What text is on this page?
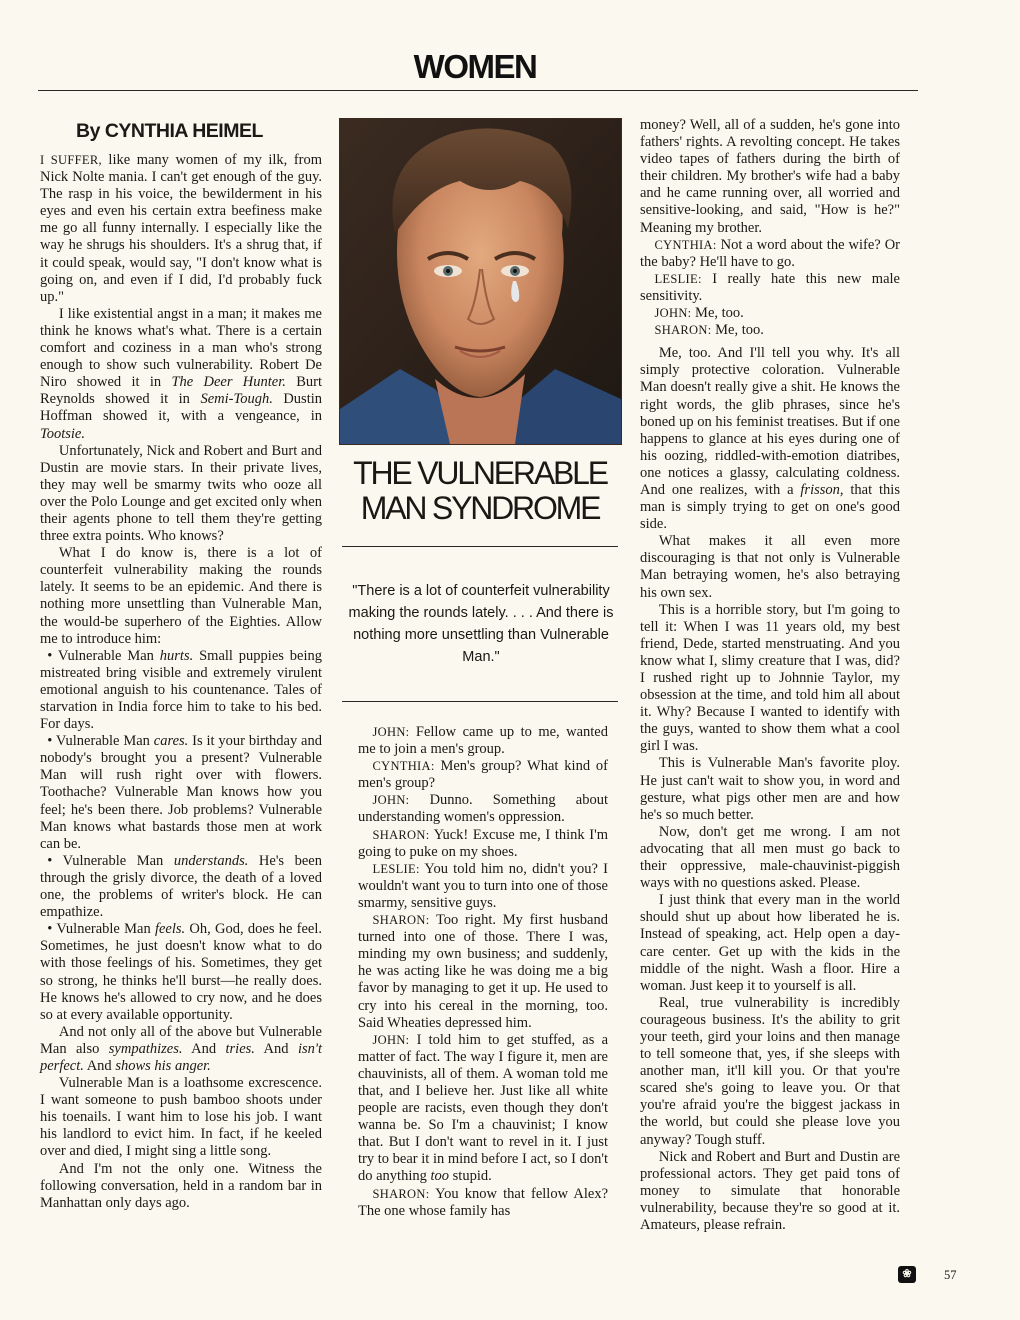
WOMEN
By CYNTHIA HEIMEL

I SUFFER, like many women of my ilk, from Nick Nolte mania. I can't get enough of the guy. The rasp in his voice, the bewilderment in his eyes and even his certain extra beefiness make me go all funny internally. I especially like the way he shrugs his shoulders. It's a shrug that, if it could speak, would say, "I don't know what is going on, and even if I did, I'd probably fuck up."

I like existential angst in a man; it makes me think he knows what's what. There is a certain comfort and coziness in a man who's strong enough to show such vulnerability. Robert De Niro showed it in The Deer Hunter. Burt Reynolds showed it in Semi-Tough. Dustin Hoffman showed it, with a vengeance, in Tootsie.

Unfortunately, Nick and Robert and Burt and Dustin are movie stars. In their private lives, they may well be smarmy twits who ooze all over the Polo Lounge and get excited only when their agents phone to tell them they're getting three extra points. Who knows?

What I do know is, there is a lot of counterfeit vulnerability making the rounds lately. It seems to be an epidemic. And there is nothing more unsettling than Vulnerable Man, the would-be superhero of the Eighties. Allow me to introduce him:

• Vulnerable Man hurts. Small puppies being mistreated bring visible and extremely virulent emotional anguish to his countenance. Tales of starvation in India force him to take to his bed. For days.

• Vulnerable Man cares. Is it your birthday and nobody's brought you a present? Vulnerable Man will rush right over with flowers. Toothache? Vulnerable Man knows how you feel; he's been there. Job problems? Vulnerable Man knows what bastards those men at work can be.

• Vulnerable Man understands. He's been through the grisly divorce, the death of a loved one, the problems of writer's block. He can empathize.

• Vulnerable Man feels. Oh, God, does he feel. Sometimes, he just doesn't know what to do with those feelings of his. Sometimes, they get so strong, he thinks he'll burst—he really does. He knows he's allowed to cry now, and he does so at every available opportunity.

And not only all of the above but Vulnerable Man also sympathizes. And tries. And isn't perfect. And shows his anger.

Vulnerable Man is a loathsome excrescence. I want someone to push bamboo shoots under his toenails. I want him to lose his job. I want his landlord to evict him. In fact, if he keeled over and died, I might sing a little song.

And I'm not the only one. Witness the following conversation, held in a random bar in Manhattan only days ago.

THE VULNERABLE
MAN SYNDROME

"There is a lot of counterfeit vulnerability making the rounds lately. . . . And there is nothing more unsettling than Vulnerable Man."

JOHN: Fellow came up to me, wanted me to join a men's group.

CYNTHIA: Men's group? What kind of men's group?

JOHN: Dunno. Something about understanding women's oppression.

SHARON: Yuck! Excuse me, I think I'm going to puke on my shoes.

LESLIE: You told him no, didn't you? I wouldn't want you to turn into one of those smarmy, sensitive guys.

SHARON: Too right. My first husband turned into one of those. There I was, minding my own business; and suddenly, he was acting like he was doing me a big favor by managing to get it up. He used to cry into his cereal in the morning, too. Said Wheaties depressed him.

JOHN: I told him to get stuffed, as a matter of fact. The way I figure it, men are chauvinists, all of them. A woman told me that, and I believe her. Just like all white people are racists, even though they don't wanna be. So I'm a chauvinist; I know that. But I don't want to revel in it. I just try to bear it in mind before I act, so I don't do anything too stupid.

SHARON: You know that fellow Alex? The one whose family has

money? Well, all of a sudden, he's gone into fathers' rights. A revolting concept. He takes video tapes of fathers during the birth of their children. My brother's wife had a baby and he came running over, all worried and sensitive-looking, and said, "How is he?" Meaning my brother.

CYNTHIA: Not a word about the wife? Or the baby? He'll have to go.

LESLIE: I really hate this new male sensitivity.

JOHN: Me, too.

SHARON: Me, too.

Me, too. And I'll tell you why. It's all simply protective coloration. Vulnerable Man doesn't really give a shit. He knows the right words, the glib phrases, since he's boned up on his feminist treatises. But if one happens to glance at his eyes during one of his oozing, riddled-with-emotion diatribes, one notices a glassy, calculating coldness. And one realizes, with a frisson, that this man is simply trying to get on one's good side.

What makes it all even more discouraging is that not only is Vulnerable Man betraying women, he's also betraying his own sex.

This is a horrible story, but I'm going to tell it: When I was 11 years old, my best friend, Dede, started menstruating. And you know what I, slimy creature that I was, did? I rushed right up to Johnnie Taylor, my obsession at the time, and told him all about it. Why? Because I wanted to identify with the guys, wanted to show them what a cool girl I was.

This is Vulnerable Man's favorite ploy. He just can't wait to show you, in word and gesture, what pigs other men are and how he's so much better.

Now, don't get me wrong. I am not advocating that all men must go back to their oppressive, male-chauvinist-piggish ways with no questions asked. Please.

I just think that every man in the world should shut up about how liberated he is. Instead of speaking, act. Help open a day-care center. Get up with the kids in the middle of the night. Wash a floor. Hire a woman. Just keep it to yourself is all.

Real, true vulnerability is incredibly courageous business. It's the ability to grit your teeth, gird your loins and then manage to tell someone that, yes, if she sleeps with another man, it'll kill you. Or that you're scared she's going to leave you. Or that you're afraid you're the biggest jackass in the world, but could she please love you anyway? Tough stuff.

Nick and Robert and Burt and Dustin are professional actors. They get paid tons of money to simulate that honorable vulnerability, because they're so good at it. Amateurs, please refrain.

❀	57
